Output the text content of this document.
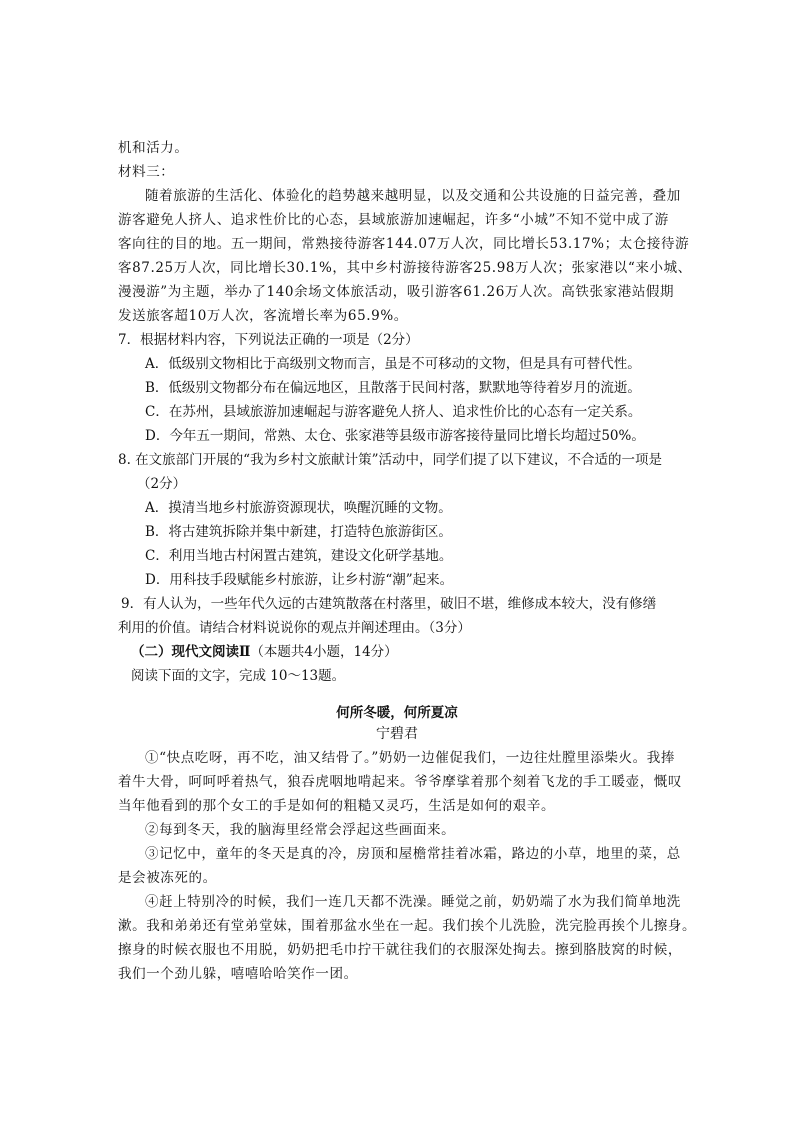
机和活力。
材料三：
随着旅游的生活化、体验化的趋势越来越明显，以及交通和公共设施的日益完善，叠加
游客避免人挤人、追求性价比的心态，县域旅游加速崛起，许多“小城”不知不觉中成了游
客向往的目的地。五一期间，常熟接待游客144.07万人次，同比增长53.17%；太仓接待游
客87.25万人次，同比增长30.1%，其中乡村游接待游客25.98万人次；张家港以“来小城、
漫漫游”为主题，举办了140余场文体旅活动，吸引游客61.26万人次。高铁张家港站假期
发送旅客超10万人次，客流增长率为65.9%。
7．根据材料内容，下列说法正确的一项是（2分）
A．低级别文物相比于高级别文物而言，虽是不可移动的文物，但是具有可替代性。
B．低级别文物都分布在偏远地区，且散落于民间村落，默默地等待着岁月的流逝。
C．在苏州，县域旅游加速崛起与游客避免人挤人、追求性价比的心态有一定关系。
D．今年五一期间，常熟、太仓、张家港等县级市游客接待量同比增长均超过50%。
8. 在文旅部门开展的“我为乡村文旅献计策”活动中，同学们提了以下建议，不合适的一项是
（2分）
A．摸清当地乡村旅游资源现状，唤醒沉睡的文物。
B．将古建筑拆除并集中新建，打造特色旅游街区。
C．利用当地古村闲置古建筑，建设文化研学基地。
D．用科技手段赋能乡村旅游，让乡村游“潮”起来。
9．有人认为，一些年代久远的古建筑散落在村落里，破旧不堪，维修成本较大，没有修缮
利用的价值。请结合材料说说你的观点并阐述理由。（3分）
（二）现代文阅读Ⅱ（本题共4小题，14分）
阅读下面的文字，完成 10～13题。
何所冬暖，何所夏凉
宁碧君
①“快点吃呀，再不吃，油又结骨了。”奶奶一边催促我们，一边往灶膛里添柴火。我捧
着牛大骨，呵呵呼着热气，狼吞虎咽地啃起来。爷爷摩挲着那个刻着飞龙的手工暖壶，慨叹
当年他看到的那个女工的手是如何的粗糙又灵巧，生活是如何的艰辛。
②每到冬天，我的脑海里经常会浮起这些画面来。
③记忆中，童年的冬天是真的冷，房顶和屋檐常挂着冰霜，路边的小草，地里的菜，总
是会被冻死的。
④赶上特别冷的时候，我们一连几天都不洗澡。睡觉之前，奶奶端了水为我们简单地洗
漱。我和弟弟还有堂弟堂妹，围着那盆水坐在一起。我们挨个儿洗脸，洗完脸再挨个儿擦身。
擦身的时候衣服也不用脱，奶奶把毛巾拧干就往我们的衣服深处掏去。擦到胳肢窝的时候，
我们一个劲儿躲，嘻嘻哈哈笑作一团。
